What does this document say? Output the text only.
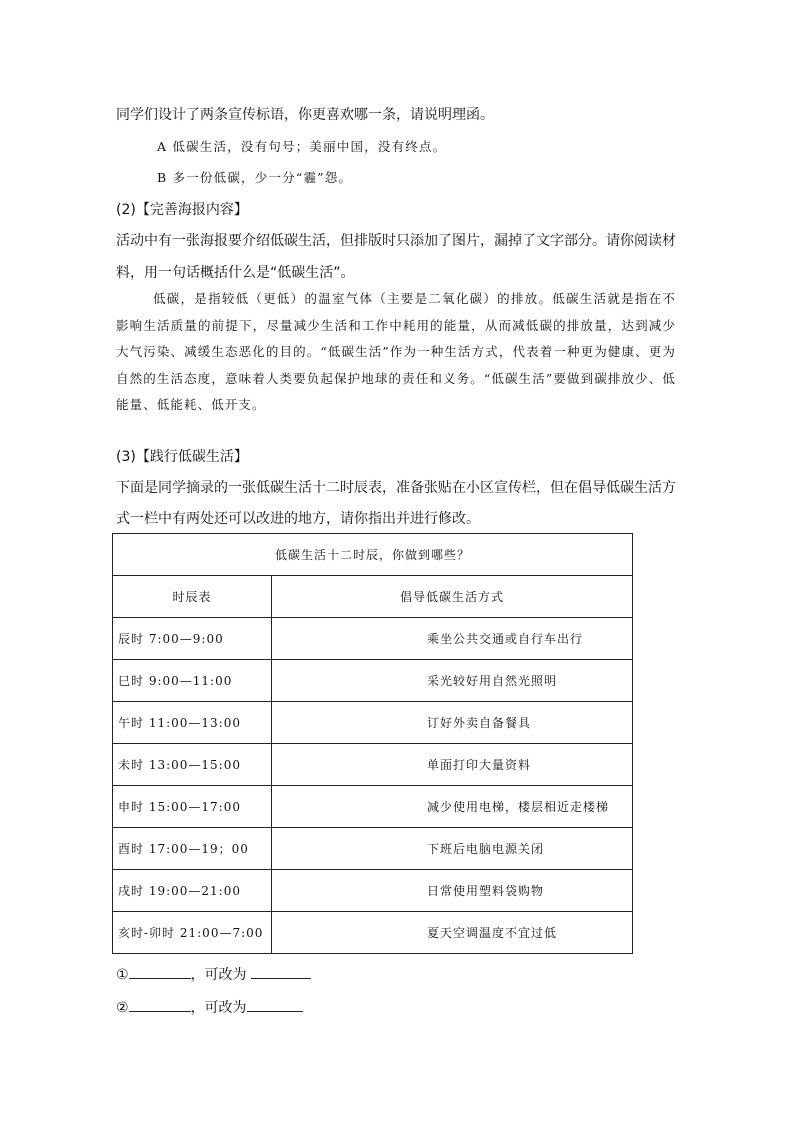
同学们设计了两条宣传标语，你更喜欢哪一条，请说明理函。
A 低碳生活，没有句号；美丽中国，没有终点。
B 多一份低碳，少一分“霾”怨。
(2)【完善海报内容】
活动中有一张海报要介绍低碳生活，但排版时只添加了图片，漏掉了文字部分。请你阅读材
料，用一句话概括什么是“低碳生活”。
低碳，是指较低（更低）的温室气体（主要是二氧化碳）的排放。低碳生活就是指在不影响生活质量的前提下，尽量减少生活和工作中耗用的能量，从而减低碳的排放量，达到减少大气污染、减缓生态恶化的目的。“低碳生活”作为一种生活方式，代表着一种更为健康、更为自然的生活态度，意味着人类要负起保护地球的责任和义务。“低碳生活”要做到碳排放少、低能量、低能耗、低开支。
(3)【践行低碳生活】
下面是同学摘录的一张低碳生活十二时辰表，准备张贴在小区宣传栏，但在倡导低碳生活方
式一栏中有两处还可以改进的地方，请你指出并进行修改。
低碳生活十二时辰，你做到哪些？	
时辰表	倡导低碳生活方式
辰时 7:00—9:00	乘坐公共交通或自行车出行
巳时 9:00—11:00	采光较好用自然光照明
午时 11:00—13:00	订好外卖自备餐具
未时 13:00—15:00	单面打印大量资料
申时 15:00—17:00	减少使用电梯，楼层相近走楼梯
酉时 17:00—19；00	下班后电脑电源关闭
戌时 19:00—21:00	日常使用塑料袋购物
亥时-卯时 21:00—7:00	夏天空调温度不宜过低
①	，可改为
②	，可改为
